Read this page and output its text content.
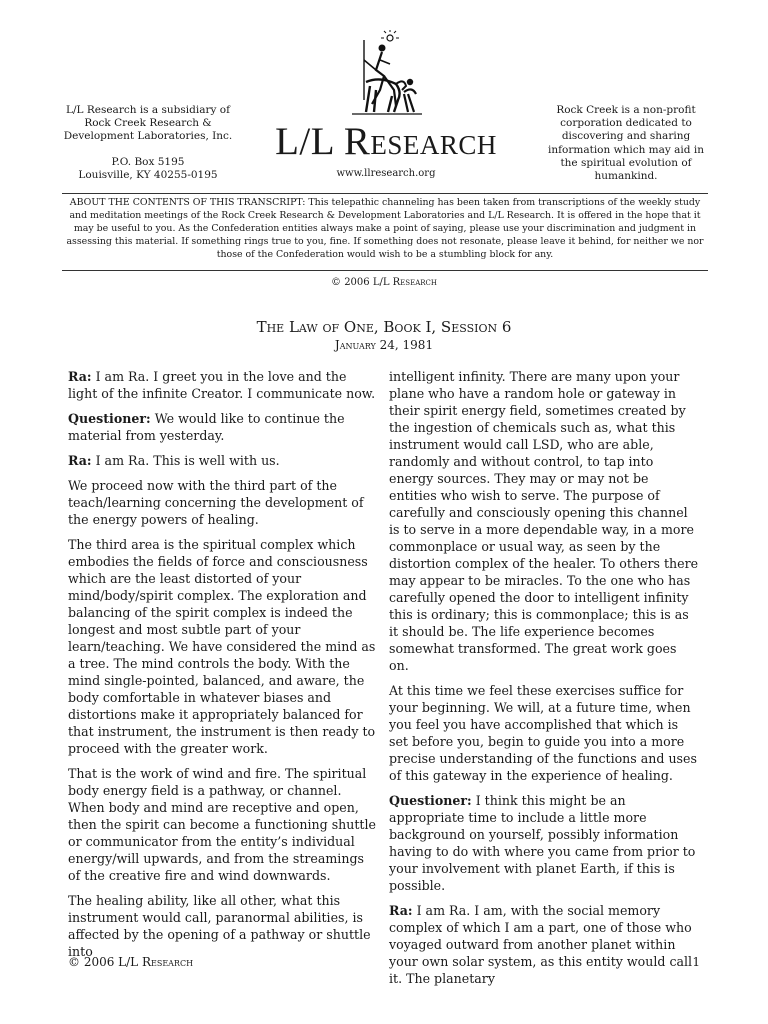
L/L Research is a subsidiary of
Rock Creek Research &
Development Laboratories, Inc.
P.O. Box 5195
Louisville, KY 40255-0195
L/L Research
www.llresearch.org
Rock Creek is a non-profit
corporation dedicated to
discovering and sharing
information which may aid in
the spiritual evolution of
humankind.
ABOUT THE CONTENTS OF THIS TRANSCRIPT: This telepathic channeling has been taken from transcriptions of the weekly study and meditation meetings of the Rock Creek Research & Development Laboratories and L/L Research. It is offered in the hope that it may be useful to you. As the Confederation entities always make a point of saying, please use your discrimination and judgment in assessing this material. If something rings true to you, fine. If something does not resonate, please leave it behind, for neither we nor those of the Confederation would wish to be a stumbling block for any.
© 2006 L/L Research
The Law of One, Book I, Session 6
January 24, 1981

Ra: I am Ra. I greet you in the love and the light of the infinite Creator. I communicate now.

Questioner: We would like to continue the material from yesterday.

Ra: I am Ra. This is well with us.

We proceed now with the third part of the teach/learning concerning the development of the energy powers of healing.

The third area is the spiritual complex which embodies the fields of force and consciousness which are the least distorted of your mind/body/spirit complex. The exploration and balancing of the spirit complex is indeed the longest and most subtle part of your learn/teaching. We have considered the mind as a tree. The mind controls the body. With the mind single-pointed, balanced, and aware, the body comfortable in whatever biases and distortions make it appropriately balanced for that instrument, the instrument is then ready to proceed with the greater work.

That is the work of wind and fire. The spiritual body energy field is a pathway, or channel. When body and mind are receptive and open, then the spirit can become a functioning shuttle or communicator from the entity’s individual energy/will upwards, and from the streamings of the creative fire and wind downwards.

The healing ability, like all other, what this instrument would call, paranormal abilities, is affected by the opening of a pathway or shuttle into

intelligent infinity. There are many upon your plane who have a random hole or gateway in their spirit energy field, sometimes created by the ingestion of chemicals such as, what this instrument would call LSD, who are able, randomly and without control, to tap into energy sources. They may or may not be entities who wish to serve. The purpose of carefully and consciously opening this channel is to serve in a more dependable way, in a more commonplace or usual way, as seen by the distortion complex of the healer. To others there may appear to be miracles. To the one who has carefully opened the door to intelligent infinity this is ordinary; this is commonplace; this is as it should be. The life experience becomes somewhat transformed. The great work goes on.

At this time we feel these exercises suffice for your beginning. We will, at a future time, when you feel you have accomplished that which is set before you, begin to guide you into a more precise understanding of the functions and uses of this gateway in the experience of healing.

Questioner: I think this might be an appropriate time to include a little more background on yourself, possibly information having to do with where you came from prior to your involvement with planet Earth, if this is possible.

Ra: I am Ra. I am, with the social memory complex of which I am a part, one of those who voyaged outward from another planet within your own solar system, as this entity would call it. The planetary

© 2006 L/L Research	1
